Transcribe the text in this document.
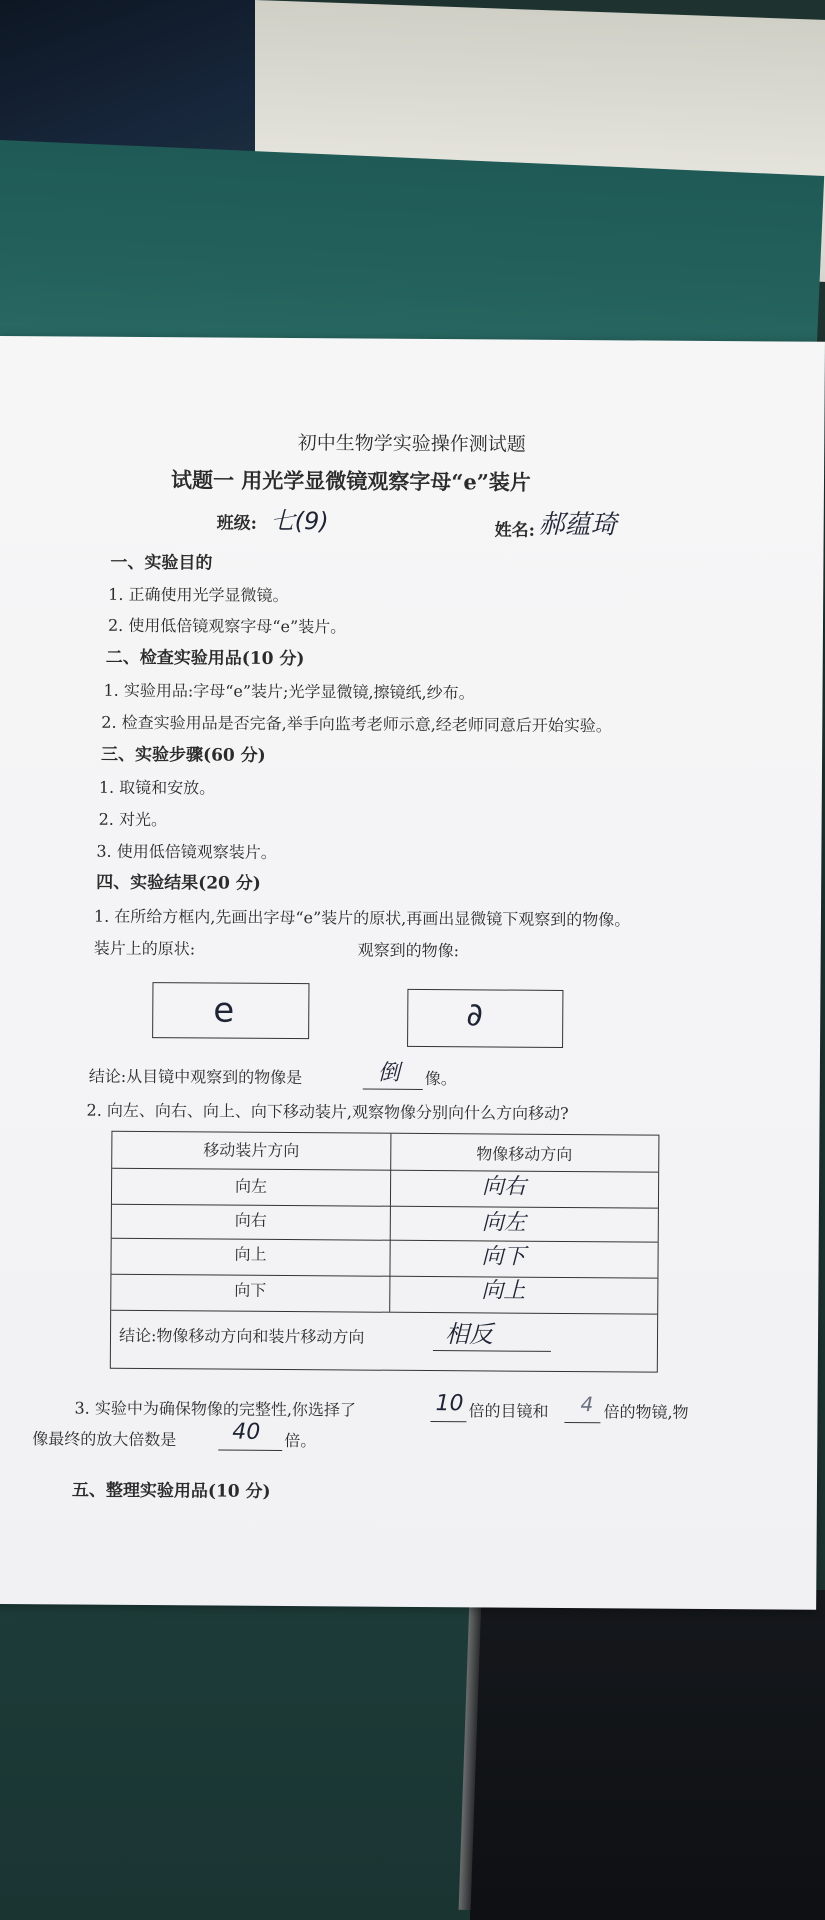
初中生物学实验操作测试题
试题一 用光学显微镜观察字母“e”装片
班级: 七(9)	姓名: 郝蕴琦
一、实验目的
1. 正确使用光学显微镜。
2. 使用低倍镜观察字母“e”装片。
二、检查实验用品(10 分)
1. 实验用品:字母“e”装片;光学显微镜,擦镜纸,纱布。
2. 检查实验用品是否完备,举手向监考老师示意,经老师同意后开始实验。
三、实验步骤(60 分)
1. 取镜和安放。
2. 对光。
3. 使用低倍镜观察装片。
四、实验结果(20 分)
1. 在所给方框内,先画出字母“e”装片的原状,再画出显微镜下观察到的物像。
装片上的原状:	观察到的物像:
e	∂
结论:从目镜中观察到的物像是	倒 像。
2. 向左、向右、向上、向下移动装片,观察物像分别向什么方向移动?
移动装片方向	物像移动方向
向左	向右
向右	向左
向上	向下
向下	向上
结论:物像移动方向和装片移动方向	相反
3. 实验中为确保物像的完整性,你选择了	10 倍的目镜和 4 倍的物镜,物
像最终的放大倍数是	40 倍。
五、整理实验用品(10 分)
